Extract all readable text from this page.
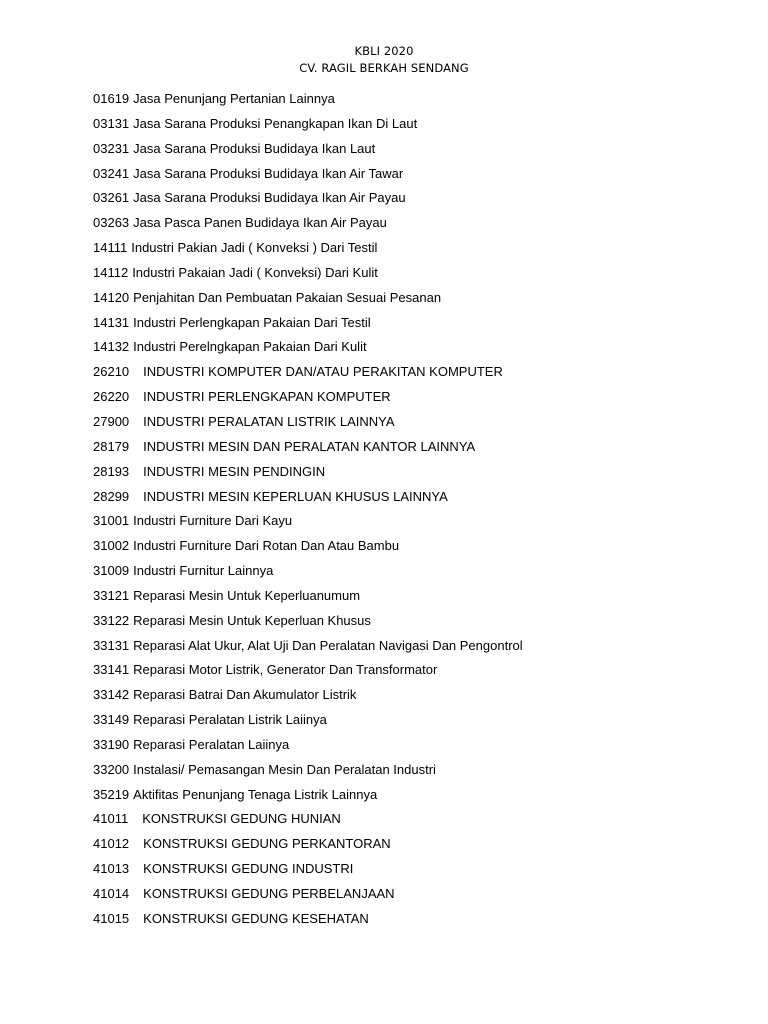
KBLI 2020
CV. RAGIL BERKAH SENDANG
01619 Jasa Penunjang Pertanian Lainnya
03131 Jasa Sarana Produksi Penangkapan Ikan Di Laut
03231 Jasa Sarana Produksi Budidaya Ikan Laut
03241 Jasa Sarana Produksi Budidaya Ikan Air Tawar
03261 Jasa Sarana Produksi Budidaya Ikan Air Payau
03263 Jasa Pasca Panen Budidaya Ikan Air Payau
14111 Industri Pakian Jadi ( Konveksi ) Dari Testil
14112 Industri Pakaian Jadi ( Konveksi) Dari Kulit
14120 Penjahitan Dan Pembuatan Pakaian Sesuai Pesanan
14131 Industri Perlengkapan Pakaian Dari Testil
14132 Industri Perelngkapan Pakaian Dari Kulit
26210 INDUSTRI KOMPUTER DAN/ATAU PERAKITAN KOMPUTER
26220 INDUSTRI PERLENGKAPAN KOMPUTER
27900 INDUSTRI PERALATAN LISTRIK LAINNYA
28179 INDUSTRI MESIN DAN PERALATAN KANTOR LAINNYA
28193 INDUSTRI MESIN PENDINGIN
28299 INDUSTRI MESIN KEPERLUAN KHUSUS LAINNYA
31001 Industri Furniture Dari Kayu
31002 Industri Furniture Dari Rotan Dan Atau Bambu
31009 Industri Furnitur Lainnya
33121 Reparasi Mesin Untuk Keperluanumum
33122 Reparasi Mesin Untuk Keperluan Khusus
33131 Reparasi Alat Ukur, Alat Uji Dan Peralatan Navigasi Dan Pengontrol
33141 Reparasi Motor Listrik, Generator Dan Transformator
33142 Reparasi Batrai Dan Akumulator Listrik
33149 Reparasi Peralatan Listrik Laiinya
33190 Reparasi Peralatan Laiinya
33200 Instalasi/ Pemasangan Mesin Dan Peralatan Industri
35219 Aktifitas Penunjang Tenaga Listrik Lainnya
41011 KONSTRUKSI GEDUNG HUNIAN
41012 KONSTRUKSI GEDUNG PERKANTORAN
41013 KONSTRUKSI GEDUNG INDUSTRI
41014 KONSTRUKSI GEDUNG PERBELANJAAN
41015 KONSTRUKSI GEDUNG KESEHATAN
